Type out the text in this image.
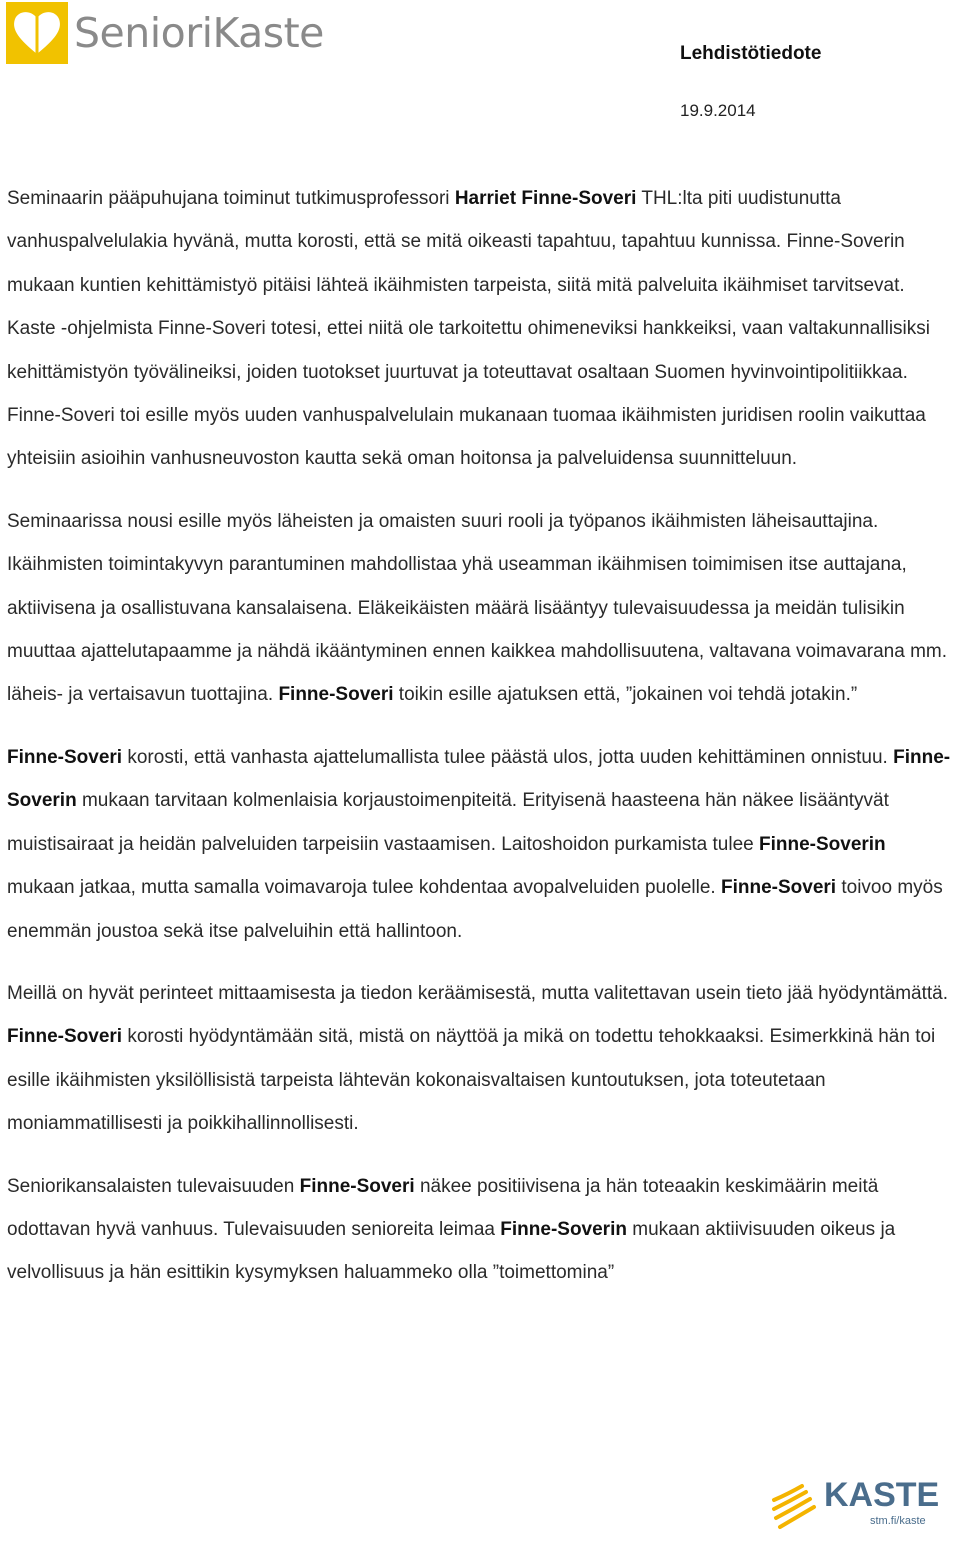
SenioriKaste	Lehdistötiedote
19.9.2014

Seminaarin pääpuhujana toiminut tutkimusprofessori Harriet Finne-Soveri THL:lta piti uudistunutta vanhuspalvelulakia hyvänä, mutta korosti, että se mitä oikeasti tapahtuu, tapahtuu kunnissa. Finne-Soverin mukaan kuntien kehittämistyö pitäisi lähteä ikäihmisten tarpeista, siitä mitä palveluita ikäihmiset tarvitsevat. Kaste -ohjelmista Finne-Soveri totesi, ettei niitä ole tarkoitettu ohimeneviksi hankkeiksi, vaan valtakunnallisiksi kehittämistyön työvälineiksi, joiden tuotokset juurtuvat ja toteuttavat osaltaan Suomen hyvinvointipolitiikkaa. Finne-Soveri toi esille myös uuden vanhuspalvelulain mukanaan tuomaa ikäihmisten juridisen roolin vaikuttaa yhteisiin asioihin vanhusneuvoston kautta sekä oman hoitonsa ja palveluidensa suunnitteluun.

Seminaarissa nousi esille myös läheisten ja omaisten suuri rooli ja työpanos ikäihmisten läheisauttajina. Ikäihmisten toimintakyvyn parantuminen mahdollistaa yhä useamman ikäihmisen toimimisen itse auttajana, aktiivisena ja osallistuvana kansalaisena. Eläkeikäisten määrä lisääntyy tulevaisuudessa ja meidän tulisikin muuttaa ajattelutapaamme ja nähdä ikääntyminen ennen kaikkea mahdollisuutena, valtavana voimavarana mm. läheis- ja vertaisavun tuottajina. Finne-Soveri toikin esille ajatuksen että, ”jokainen voi tehdä jotakin.”

Finne-Soveri korosti, että vanhasta ajattelumallista tulee päästä ulos, jotta uuden kehittäminen onnistuu. Finne-Soverin mukaan tarvitaan kolmenlaisia korjaustoimenpiteitä. Erityisenä haasteena hän näkee lisääntyvät muistisairaat ja heidän palveluiden tarpeisiin vastaamisen. Laitoshoidon purkamista tulee Finne-Soverin mukaan jatkaa, mutta samalla voimavaroja tulee kohdentaa avopalveluiden puolelle. Finne-Soveri toivoo myös enemmän joustoa sekä itse palveluihin että hallintoon.

Meillä on hyvät perinteet mittaamisesta ja tiedon keräämisestä, mutta valitettavan usein tieto jää hyödyntämättä. Finne-Soveri korosti hyödyntämään sitä, mistä on näyttöä ja mikä on todettu tehokkaaksi. Esimerkkinä hän toi esille ikäihmisten yksilöllisistä tarpeista lähtevän kokonaisvaltaisen kuntoutuksen, jota toteutetaan moniammatillisesti ja poikkihallinnollisesti.

Seniorikansalaisten tulevaisuuden Finne-Soveri näkee positiivisena ja hän toteaakin keskimäärin meitä odottavan hyvä vanhuus. Tulevaisuuden senioreita leimaa Finne-Soverin mukaan aktiivisuuden oikeus ja velvollisuus ja hän esittikin kysymyksen haluammeko olla ”toimettomina”

KASTE
stm.fi/kaste
